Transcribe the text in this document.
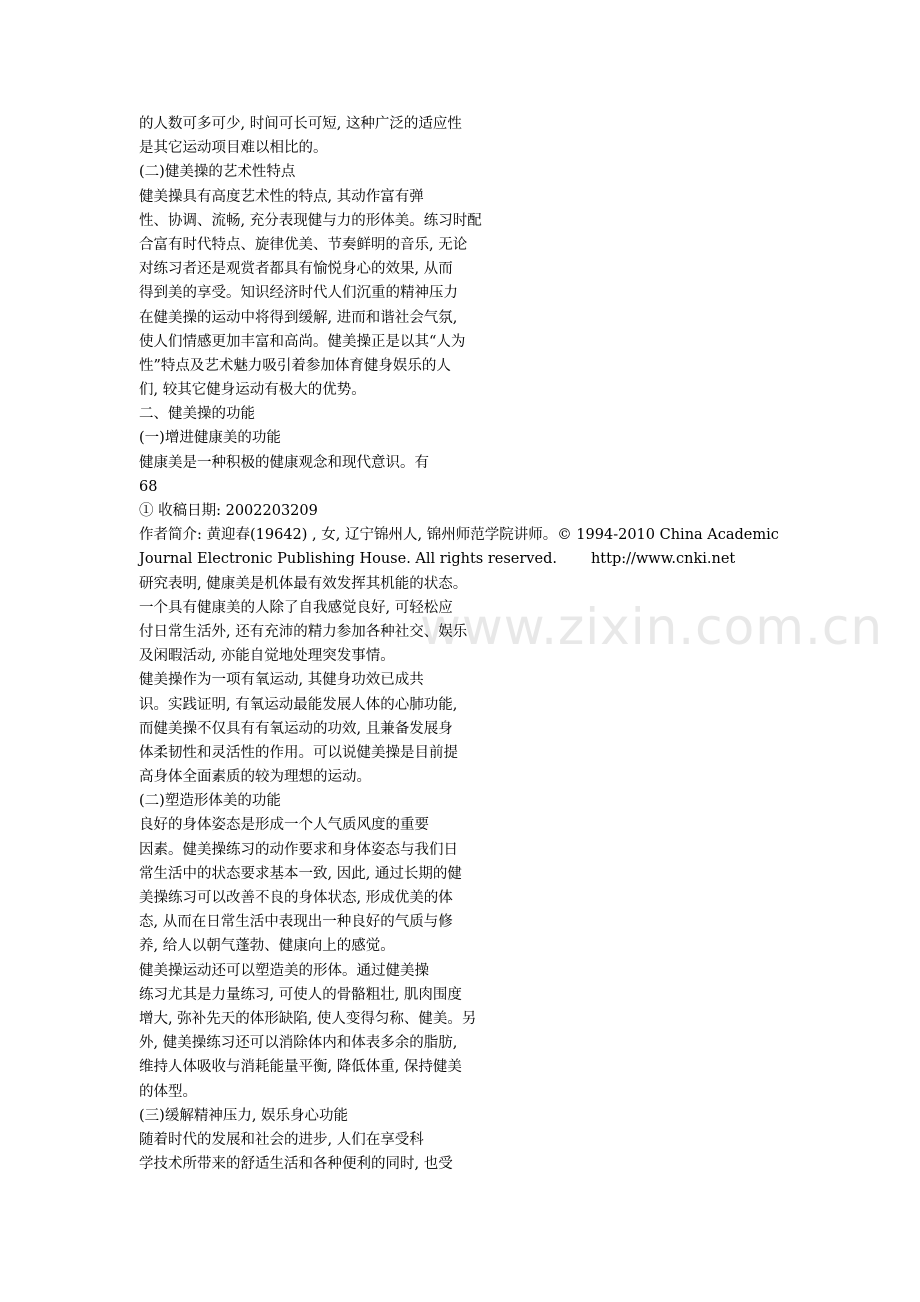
www.zixin.com.cn
的人数可多可少, 时间可长可短, 这种广泛的适应性
是其它运动项目难以相比的。
(二)健美操的艺术性特点
健美操具有高度艺术性的特点, 其动作富有弹
性、协调、流畅, 充分表现健与力的形体美。练习时配
合富有时代特点、旋律优美、节奏鲜明的音乐, 无论
对练习者还是观赏者都具有愉悦身心的效果, 从而
得到美的享受。知识经济时代人们沉重的精神压力
在健美操的运动中将得到缓解, 进而和谐社会气氛,
使人们情感更加丰富和高尚。健美操正是以其“人为
性”特点及艺术魅力吸引着参加体育健身娱乐的人
们, 较其它健身运动有极大的优势。
二、健美操的功能
(一)增进健康美的功能
健康美是一种积极的健康观念和现代意识。有
68
① 收稿日期: 2002203209
作者简介: 黄迎春(19642) , 女, 辽宁锦州人, 锦州师范学院讲师。© 1994-2010 China Academic
Journal Electronic Publishing House. All rights reserved. http://www.cnki.net
研究表明, 健康美是机体最有效发挥其机能的状态。
一个具有健康美的人除了自我感觉良好, 可轻松应
付日常生活外, 还有充沛的精力参加各种社交、娱乐
及闲暇活动, 亦能自觉地处理突发事情。
健美操作为一项有氧运动, 其健身功效已成共
识。实践证明, 有氧运动最能发展人体的心肺功能,
而健美操不仅具有有氧运动的功效, 且兼备发展身
体柔韧性和灵活性的作用。可以说健美操是目前提
高身体全面素质的较为理想的运动。
(二)塑造形体美的功能
良好的身体姿态是形成一个人气质风度的重要
因素。健美操练习的动作要求和身体姿态与我们日
常生活中的状态要求基本一致, 因此, 通过长期的健
美操练习可以改善不良的身体状态, 形成优美的体
态, 从而在日常生活中表现出一种良好的气质与修
养, 给人以朝气蓬勃、健康向上的感觉。
健美操运动还可以塑造美的形体。通过健美操
练习尤其是力量练习, 可使人的骨骼粗壮, 肌肉围度
增大, 弥补先天的体形缺陷, 使人变得匀称、健美。另
外, 健美操练习还可以消除体内和体表多余的脂肪,
维持人体吸收与消耗能量平衡, 降低体重, 保持健美
的体型。
(三)缓解精神压力, 娱乐身心功能
随着时代的发展和社会的进步, 人们在享受科
学技术所带来的舒适生活和各种便利的同时, 也受
